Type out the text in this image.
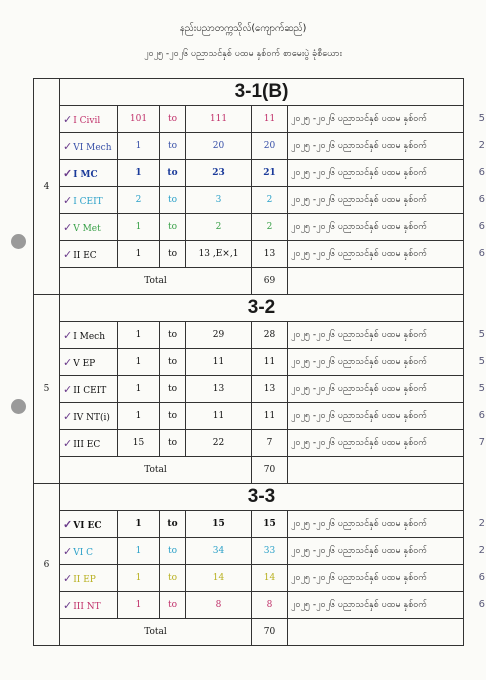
နည်းပညာတက္ကသိုလ်(ကျောက်ဆည်)
၂၀၂၅ -၂၀၂၆ ပညာသင်နှစ် ပထမ နှစ်ဝက် စာမေးပွဲ ခုံစီယေား
4	3-1(B)					
	✓I Civil	101	to	111	11	၂၀၂၅ -၂၀၂၆ ပညာသင်နှစ် ပထမ နှစ်ဝက် 5

	✓VI Mech	1	to	20	20	၂၀၂၅ -၂၀၂၆ ပညာသင်နှစ် ပထမ နှစ်ဝက် 2

	✓I MC	1	to	23	21	၂၀၂၅ -၂၀၂၆ ပညာသင်နှစ် ပထမ နှစ်ဝက် 6

	✓I CEIT	2	to	3	2	၂၀၂၅ -၂၀၂၆ ပညာသင်နှစ် ပထမ နှစ်ဝက် 6

	✓V Met	1	to	2	2	၂၀၂၅ -၂၀၂၆ ပညာသင်နှစ် ပထမ နှစ်ဝက် 6

	✓II EC	1	to	13 ,E×,1	13	၂၀၂၅ -၂၀၂၆ ပညာသင်နှစ် ပထမ နှစ်ဝက် 6

	Total				69	
5	3-2					
	✓I Mech	1	to	29	28	၂၀၂၅ -၂၀၂၆ ပညာသင်နှစ် ပထမ နှစ်ဝက် 5

	✓V EP	1	to	11	11	၂၀၂၅ -၂၀၂၆ ပညာသင်နှစ် ပထမ နှစ်ဝက် 5

	✓II CEIT	1	to	13	13	၂၀၂၅ -၂၀၂၆ ပညာသင်နှစ် ပထမ နှစ်ဝက် 5

	✓IV NT(i)	1	to	11	11	၂၀၂၅ -၂၀၂၆ ပညာသင်နှစ် ပထမ နှစ်ဝက် 6

	✓III EC	15	to	22	7	၂၀၂၅ -၂၀၂၆ ပညာသင်နှစ် ပထမ နှစ်ဝက် 7

	Total				70	
6	3-3					
	✓VI EC	1	to	15	15	၂၀၂၅ -၂၀၂၆ ပညာသင်နှစ် ပထမ နှစ်ဝက် 2

	✓VI C	1	to	34	33	၂၀၂၅ -၂၀၂၆ ပညာသင်နှစ် ပထမ နှစ်ဝက် 2

	✓II EP	1	to	14	14	၂၀၂၅ -၂၀၂၆ ပညာသင်နှစ် ပထမ နှစ်ဝက် 6

	✓III NT	1	to	8	8	၂၀၂၅ -၂၀၂၆ ပညာသင်နှစ် ပထမ နှစ်ဝက် 6

	Total				70	
